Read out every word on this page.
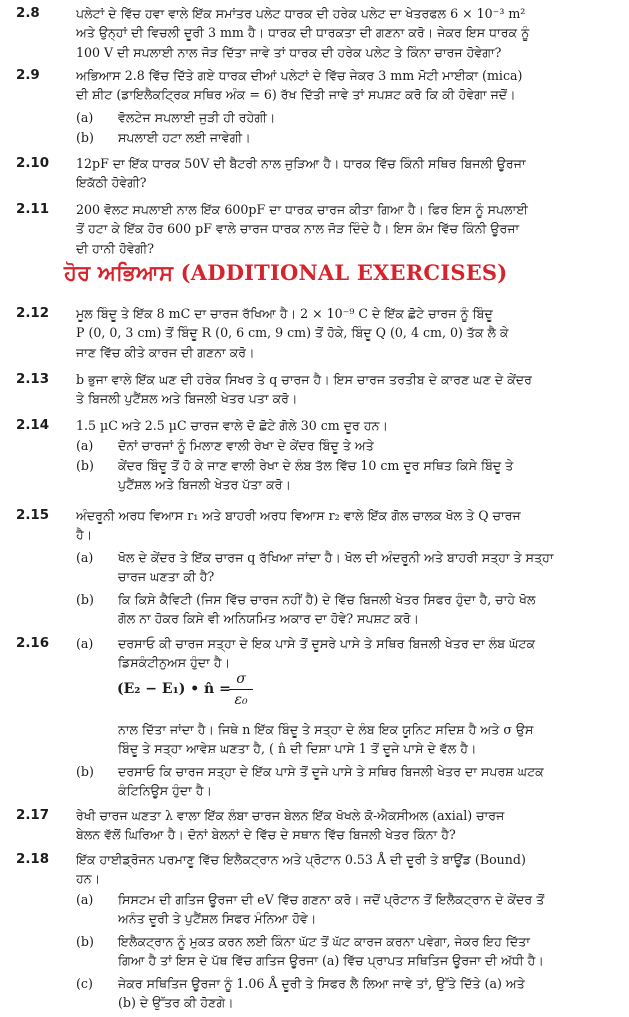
2.8	ਪਲੇਟਾਂ ਦੇ ਵਿੱਚ ਹਵਾ ਵਾਲੇ ਇੱਕ ਸਮਾਂਤਰ ਪਲੇਟ ਧਾਰਕ ਦੀ ਹਰੇਕ ਪਲੇਟ ਦਾ ਖੇਤਰਫਲ 6 × 10⁻³ m²
ਅਤੇ ਉਨ੍ਹਾਂ ਦੀ ਵਿਚਲੀ ਦੂਰੀ 3 mm ਹੈ। ਧਾਰਕ ਦੀ ਧਾਰਕਤਾ ਦੀ ਗਣਨਾ ਕਰੋ। ਜੇਕਰ ਇਸ ਧਾਰਕ ਨੂੰ
100 V ਦੀ ਸਪਲਾਈ ਨਾਲ ਜੋੜ ਦਿੱਤਾ ਜਾਵੇ ਤਾਂ ਧਾਰਕ ਦੀ ਹਰੇਕ ਪਲੇਟ ਤੇ ਕਿੰਨਾ ਚਾਰਜ ਹੋਵੇਗਾ?
2.9	ਅਭਿਆਸ 2.8 ਵਿੱਚ ਦਿੱਤੇ ਗਏ ਧਾਰਕ ਦੀਆਂ ਪਲੇਟਾਂ ਦੇ ਵਿੱਚ ਜੇਕਰ 3 mm ਮੋਟੀ ਮਾਈਕਾ (mica)
ਦੀ ਸ਼ੀਟ (ਡਾਇਲੈਕਟ੍ਰਿਕ ਸਥਿਰ ਅੰਕ = 6) ਰੱਖ ਦਿੱਤੀ ਜਾਵੇ ਤਾਂ ਸਪਸ਼ਟ ਕਰੋ ਕਿ ਕੀ ਹੋਵੇਗਾ ਜਦੋਂ।
(a)	ਵੋਲਟੇਜ ਸਪਲਾਈ ਜੁੜੀ ਹੀ ਰਹੇਗੀ।
(b)	ਸਪਲਾਈ ਹਟਾ ਲਈ ਜਾਵੇਗੀ।
2.10	12pF ਦਾ ਇੱਕ ਧਾਰਕ 50V ਦੀ ਬੈਟਰੀ ਨਾਲ ਜੁੜਿਆ ਹੈ। ਧਾਰਕ ਵਿੱਚ ਕਿੰਨੀ ਸਥਿਰ ਬਿਜਲੀ ਊਰਜਾ
ਇਕੱਠੀ ਹੋਵੇਗੀ?
2.11	200 ਵੋਲਟ ਸਪਲਾਈ ਨਾਲ ਇੱਕ 600pF ਦਾ ਧਾਰਕ ਚਾਰਜ ਕੀਤਾ ਗਿਆ ਹੈ। ਫਿਰ ਇਸ ਨੂੰ ਸਪਲਾਈ
ਤੋਂ ਹਟਾ ਕੇ ਇੱਕ ਹੋਰ 600 pF ਵਾਲੇ ਚਾਰਜ ਧਾਰਕ ਨਾਲ ਜੋੜ ਦਿੰਦੇ ਹੈ। ਇਸ ਕੰਮ ਵਿੱਚ ਕਿੰਨੀ ਊਰਜਾ
ਦੀ ਹਾਨੀ ਹੋਵੇਗੀ?
ਹੋਰ ਅਭਿਆਸ (ADDITIONAL EXERCISES)
2.12	ਮੂਲ ਬਿੰਦੂ ਤੇ ਇੱਕ 8 mC ਦਾ ਚਾਰਜ ਰੱਖਿਆ ਹੈ। 2 × 10⁻⁹ C ਦੇ ਇੱਕ ਛੋਟੇ ਚਾਰਜ ਨੂੰ ਬਿੰਦੂ
P (0, 0, 3 cm) ਤੋਂ ਬਿੰਦੂ R (0, 6 cm, 9 cm) ਤੋਂ ਹੋਕੇ, ਬਿੰਦੂ Q (0, 4 cm, 0) ਤੱਕ ਲੈ ਕੇ
ਜਾਣ ਵਿੱਚ ਕੀਤੇ ਕਾਰਜ ਦੀ ਗਣਨਾ ਕਰੋ।
2.13	b ਭੁਜਾ ਵਾਲੇ ਇੱਕ ਘਣ ਦੀ ਹਰੇਕ ਸਿਖਰ ਤੇ q ਚਾਰਜ ਹੈ। ਇਸ ਚਾਰਜ ਤਰਤੀਬ ਦੇ ਕਾਰਣ ਘਣ ਦੇ ਕੇਂਦਰ
ਤੇ ਬਿਜਲੀ ਪੁਟੈਂਸ਼ਲ ਅਤੇ ਬਿਜਲੀ ਖੇਤਰ ਪਤਾ ਕਰੋ।
2.14	1.5 µC ਅਤੇ 2.5 µC ਚਾਰਜ ਵਾਲੇ ਦੋ ਛੋਟੇ ਗੋਲੇ 30 cm ਦੂਰ ਹਨ।
(a)	ਦੋਨਾਂ ਚਾਰਜਾਂ ਨੂੰ ਮਿਲਾਣ ਵਾਲੀ ਰੇਖਾ ਦੇ ਕੇਂਦਰ ਬਿੰਦੂ ਤੇ ਅਤੇ
(b)	ਕੇਂਦਰ ਬਿੰਦੂ ਤੋਂ ਹੋ ਕੇ ਜਾਣ ਵਾਲੀ ਰੇਖਾ ਦੇ ਲੰਬ ਤੱਲ ਵਿੱਚ 10 cm ਦੂਰ ਸਥਿਤ ਕਿਸੇ ਬਿੰਦੂ ਤੇ
ਪੁਟੈਂਸ਼ਲ ਅਤੇ ਬਿਜਲੀ ਖੇਤਰ ਪੱਤਾ ਕਰੋ।
2.15	ਅੰਦਰੂਨੀ ਅਰਧ ਵਿਆਸ r₁ ਅਤੇ ਬਾਹਰੀ ਅਰਧ ਵਿਆਸ r₂ ਵਾਲੇ ਇੱਕ ਗੋਲ ਚਾਲਕ ਖੋਲ ਤੇ Q ਚਾਰਜ
ਹੈ।
(a)	ਖੋਲ ਦੇ ਕੇਂਦਰ ਤੇ ਇੱਕ ਚਾਰਜ q ਰੱਖਿਆ ਜਾਂਦਾ ਹੈ। ਖੋਲ ਦੀ ਅੰਦਰੂਨੀ ਅਤੇ ਬਾਹਰੀ ਸਤ੍ਹਾ ਤੇ ਸਤ੍ਹਾ
ਚਾਰਜ ਘਣਤਾ ਕੀ ਹੈ?
(b)	ਕਿ ਕਿਸੇ ਕੈਵਿਟੀ (ਜਿਸ ਵਿੱਚ ਚਾਰਜ ਨਹੀਂ ਹੈ) ਦੇ ਵਿੱਚ ਬਿਜਲੀ ਖੇਤਰ ਸਿਫਰ ਹੁੰਦਾ ਹੈ, ਚਾਹੇ ਖੋਲ
ਗੋਲ ਨਾ ਹੋਕਰ ਕਿਸੇ ਵੀ ਅਨਿਯਮਿਤ ਅਕਾਰ ਦਾ ਹੋਵੇ? ਸਪਸ਼ਟ ਕਰੋ।
2.16	(a)	ਦਰਸਾਓ ਕੀ ਚਾਰਜ ਸਤ੍ਹਾ ਦੇ ਇਕ ਪਾਸੇ ਤੋਂ ਦੂਸਰੇ ਪਾਸੇ ਤੇ ਸਥਿਰ ਬਿਜਲੀ ਖੇਤਰ ਦਾ ਲੰਬ ਘੱਟਕ
ਡਿਸਕੰਟੀਨੁਅਸ ਹੁੰਦਾ ਹੈ।
ਨਾਲ ਦਿੱਤਾ ਜਾਂਦਾ ਹੈ। ਜਿਥੇ n ਇੱਕ ਬਿੰਦੂ ਤੇ ਸਤ੍ਹਾ ਦੇ ਲੰਬ ਇਕ ਯੂਨਿਟ ਸਦਿਸ਼ ਹੈ ਅਤੇ σ ਉਸ
ਬਿੰਦੂ ਤੇ ਸਤ੍ਹਾ ਆਵੇਸ਼ ਘਣਤਾ ਹੈ, ( n̂ ਦੀ ਦਿਸ਼ਾ ਪਾਸੇ 1 ਤੋਂ ਦੂਜੇ ਪਾਸੇ ਦੇ ਵੱਲ ਹੈ।
(b)	ਦਰਸਾਓ ਕਿ ਚਾਰਜ ਸਤ੍ਹਾ ਦੇ ਇੱਕ ਪਾਸੇ ਤੋਂ ਦੂਜੇ ਪਾਸੇ ਤੇ ਸਥਿਰ ਬਿਜਲੀ ਖੇਤਰ ਦਾ ਸਪਰਸ਼ ਘਟਕ
ਕੰਟਿਨਿਊਸ ਹੁੰਦਾ ਹੈ।
(E₂ − E₁) • n̂ =
σ
ε₀
2.17	ਰੇਖੀ ਚਾਰਜ ਘਣਤਾ λ ਵਾਲਾ ਇੱਕ ਲੰਬਾ ਚਾਰਜ ਬੇਲਨ ਇੱਕ ਖੋਖਲੇ ਕੋ-ਐਕਸੀਅਲ (axial) ਚਾਰਜ
ਬੇਲਨ ਵੱਲੋਂ ਘਿਰਿਆ ਹੈ। ਦੋਨਾਂ ਬੇਲਨਾਂ ਦੇ ਵਿੱਚ ਦੇ ਸਥਾਨ ਵਿੱਚ ਬਿਜਲੀ ਖੇਤਰ ਕਿੰਨਾ ਹੈ?
2.18	ਇੱਕ ਹਾਈਡ੍ਰੋਜਨ ਪਰਮਾਣੂ ਵਿੱਚ ਇਲੈਕਟ੍ਰਾਨ ਅਤੇ ਪ੍ਰੋਟਾਨ 0.53 Å ਦੀ ਦੂਰੀ ਤੇ ਬਾਊਂਡ (Bound)
ਹਨ।
(a)	ਸਿਸਟਮ ਦੀ ਗਤਿਜ ਊਰਜਾ ਦੀ eV ਵਿੱਚ ਗਣਨਾ ਕਰੋ। ਜਦੋਂ ਪ੍ਰੋਟਾਨ ਤੋਂ ਇਲੈਕਟ੍ਰਾਨ ਦੇ ਕੇਂਦਰ ਤੋਂ
ਅਨੰਤ ਦੂਰੀ ਤੇ ਪੁਟੈਂਸ਼ਲ ਸਿਫਰ ਮੰਨਿਆ ਹੋਵੇ।
(b)	ਇਲੈਕਟ੍ਰਾਨ ਨੂੰ ਮੁਕਤ ਕਰਨ ਲਈ ਕਿੰਨਾ ਘੱਟ ਤੋਂ ਘੱਟ ਕਾਰਜ ਕਰਨਾ ਪਵੇਗਾ, ਜੇਕਰ ਇਹ ਦਿੱਤਾ
ਗਿਆ ਹੈ ਤਾਂ ਇਸ ਦੇ ਪੱਥ ਵਿੱਚ ਗਤਿਜ ਊਰਜਾ (a) ਵਿੱਚ ਪ੍ਰਾਪਤ ਸਥਿਤਿਜ ਊਰਜਾ ਦੀ ਅੱਧੀ ਹੈ।
(c)	ਜੇਕਰ ਸਥਿਤਿਜ ਊਰਜਾ ਨੂੰ 1.06 Å ਦੂਰੀ ਤੇ ਸਿਫਰ ਲੈ ਲਿਆ ਜਾਵੇ ਤਾਂ, ਉੱਤੇ ਦਿੱਤੇ (a) ਅਤੇ
(b) ਦੇ ਉੱਤਰ ਕੀ ਹੋਣਗੇ।
